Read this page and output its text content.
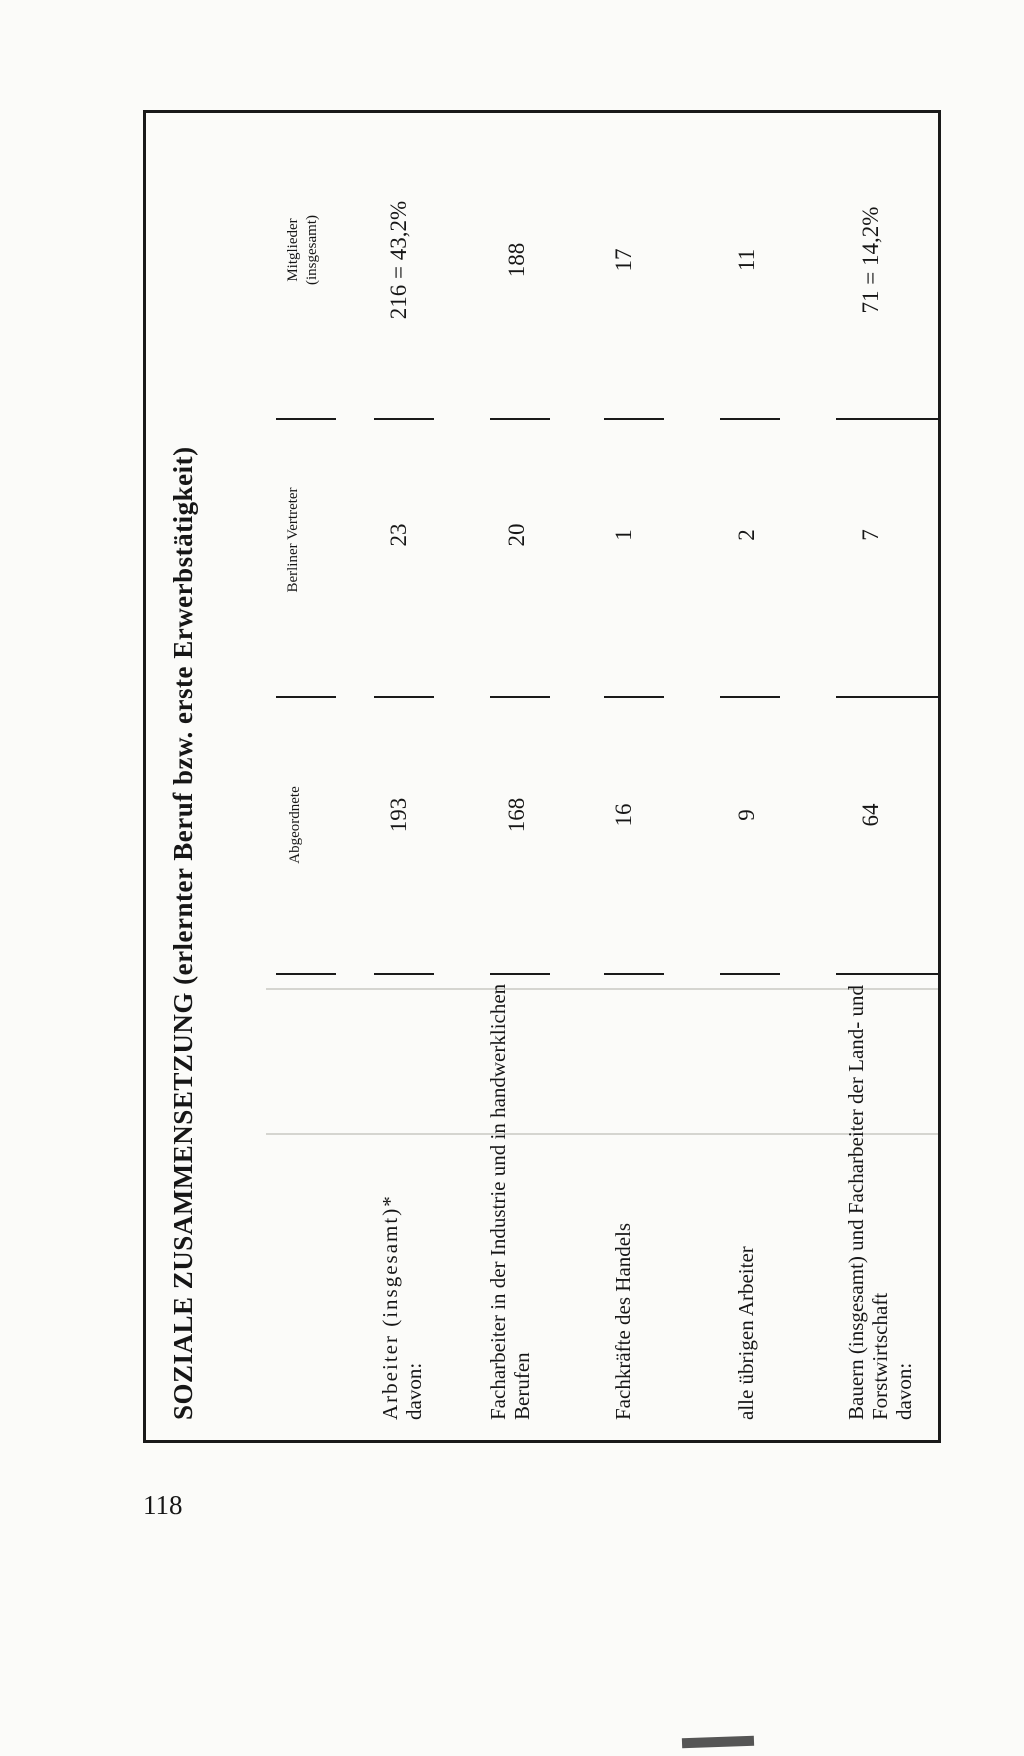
SOZIALE ZUSAMMENSETZUNG (erlernter Beruf bzw. erste Erwerbstätigkeit)	Abgeordnete
Berliner Vertreter
Mitglieder (insgesamt)
Arbeiter (insgesamt)* davon:
193
23
216 = 43,2%
Facharbeiter in der Industrie und in handwerklichen Berufen
168
20
188
Fachkräfte des Handels
16
1
17
alle übrigen Arbeiter
9
2
11
Bauern (insgesamt) und Facharbeiter der Land- und Forstwirtschaft davon:
64
7
71 = 14,2%
118
